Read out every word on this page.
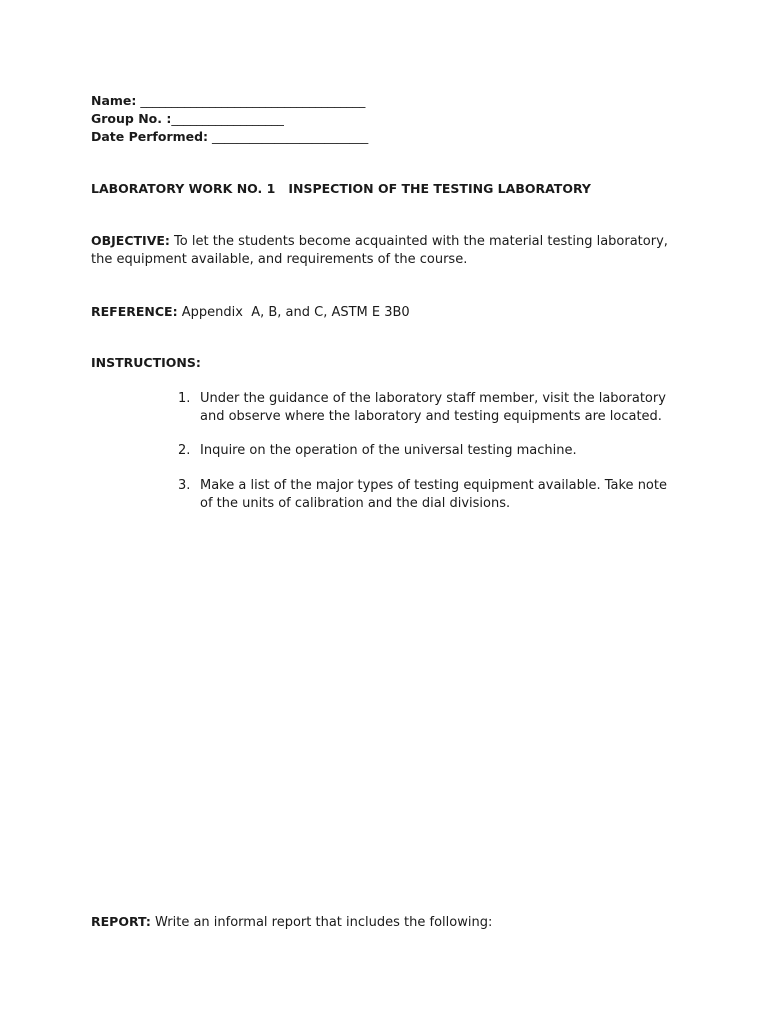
Name: ____________________________________
Group No. :__________________
Date Performed: _________________________
LABORATORY WORK NO. 1   INSPECTION OF THE TESTING LABORATORY
OBJECTIVE: To let the students become acquainted with the material testing laboratory,
the equipment available, and requirements of the course.
REFERENCE: Appendix  A, B, and C, ASTM E 3B0
INSTRUCTIONS:
1. Under the guidance of the laboratory staff member, visit the laboratory
and observe where the laboratory and testing equipments are located.
2. Inquire on the operation of the universal testing machine.
3. Make a list of the major types of testing equipment available. Take note
of the units of calibration and the dial divisions.
REPORT: Write an informal report that includes the following:
